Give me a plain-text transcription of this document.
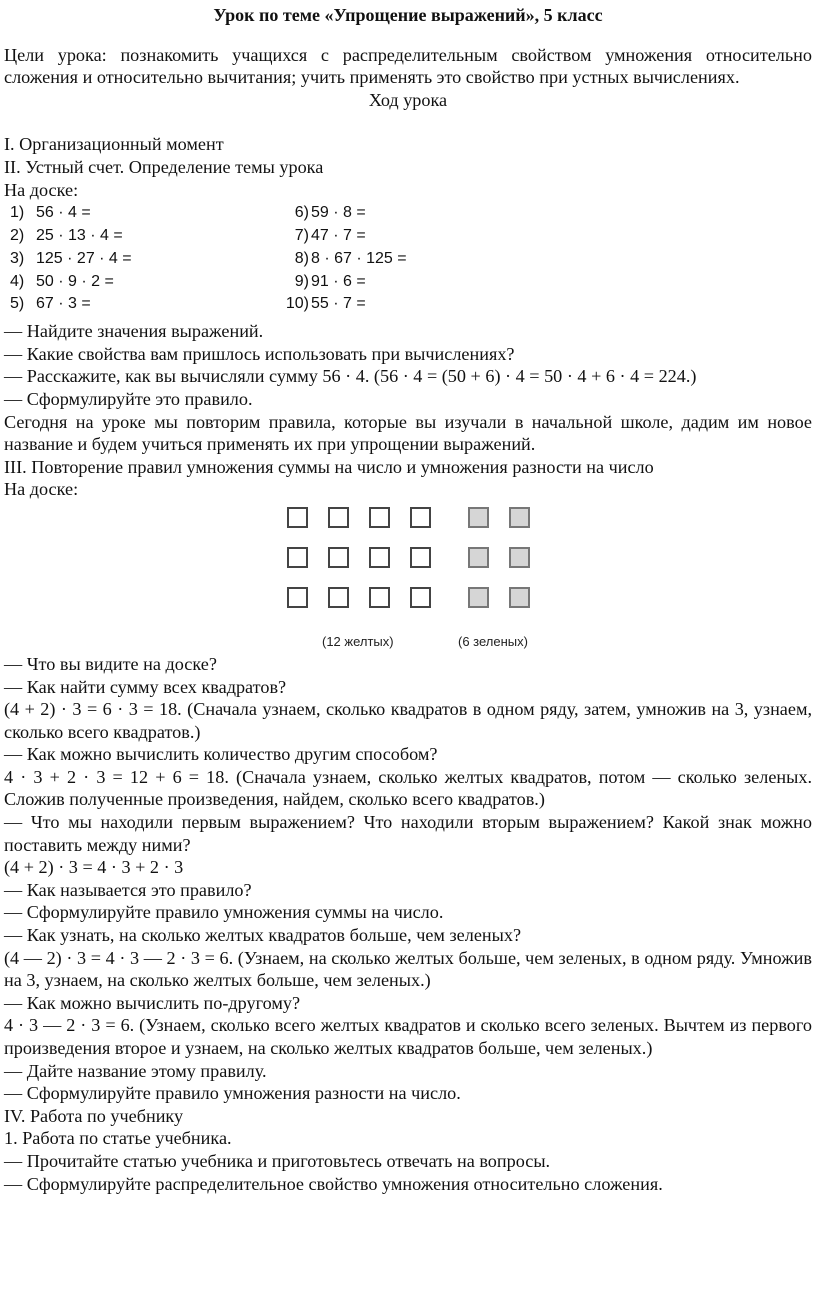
Урок по теме «Упрощение выражений», 5 класс

Цели урока: познакомить учащихся с распределительным свойством умножения относительно сложения и относительно вычитания; учить применять это свойство при устных вычислениях.

Ход урока

I. Организационный момент

II. Устный счет. Определение темы урока

На доске:

1) 56 · 4 =
2) 25 · 13 · 4 =
3) 125 · 27 · 4 =
4) 50 · 9 · 2 =
5) 67 · 3 =
6) 59 · 8 =
7) 47 · 7 =
8) 8 · 67 · 125 =
9) 91 · 6 =
10) 55 · 7 =

— Найдите значения выражений.

— Какие свойства вам пришлось использовать при вычислениях?

— Расскажите, как вы вычисляли сумму 56 · 4. (56 · 4 = (50 + 6) · 4 = 50 · 4 + 6 · 4 = 224.)

— Сформулируйте это правило.

Сегодня на уроке мы повторим правила, которые вы изучали в начальной школе, дадим им новое название и будем учиться применять их при упрощении выражений.

III. Повторение правил умножения суммы на число и умножения разности на число

На доске:

(12 желтых)	(6 зеленых)

— Что вы видите на доске?

— Как найти сумму всех квадратов?

(4 + 2) · 3 = 6 · 3 = 18. (Сначала узнаем, сколько квадратов в одном ряду, затем, умножив на 3, узнаем, сколько всего квадратов.)

— Как можно вычислить количество другим способом?

4 · 3 + 2 · 3 = 12 + 6 = 18. (Сначала узнаем, сколько желтых квадратов, потом — сколько зеленых. Сложив полученные произведения, найдем, сколько всего квадратов.)

— Что мы находили первым выражением? Что находили вторым выражением? Какой знак можно поставить между ними?

(4 + 2) · 3 = 4 · 3 + 2 · 3

— Как называется это правило?

— Сформулируйте правило умножения суммы на число.

— Как узнать, на сколько желтых квадратов больше, чем зеленых?

(4 — 2) · 3 = 4 · 3 — 2 · 3 = 6. (Узнаем, на сколько желтых больше, чем зеленых, в одном ряду. Умножив на 3, узнаем, на сколько желтых больше, чем зеленых.)

— Как можно вычислить по-другому?

4 · 3 — 2 · 3 = 6. (Узнаем, сколько всего желтых квадратов и сколько всего зеленых. Вычтем из первого произведения второе и узнаем, на сколько желтых квадратов больше, чем зеленых.)

— Дайте название этому правилу.

— Сформулируйте правило умножения разности на число.

IV. Работа по учебнику

1. Работа по статье учебника.

— Прочитайте статью учебника и приготовьтесь отвечать на вопросы.

— Сформулируйте распределительное свойство умножения относительно сложения.
